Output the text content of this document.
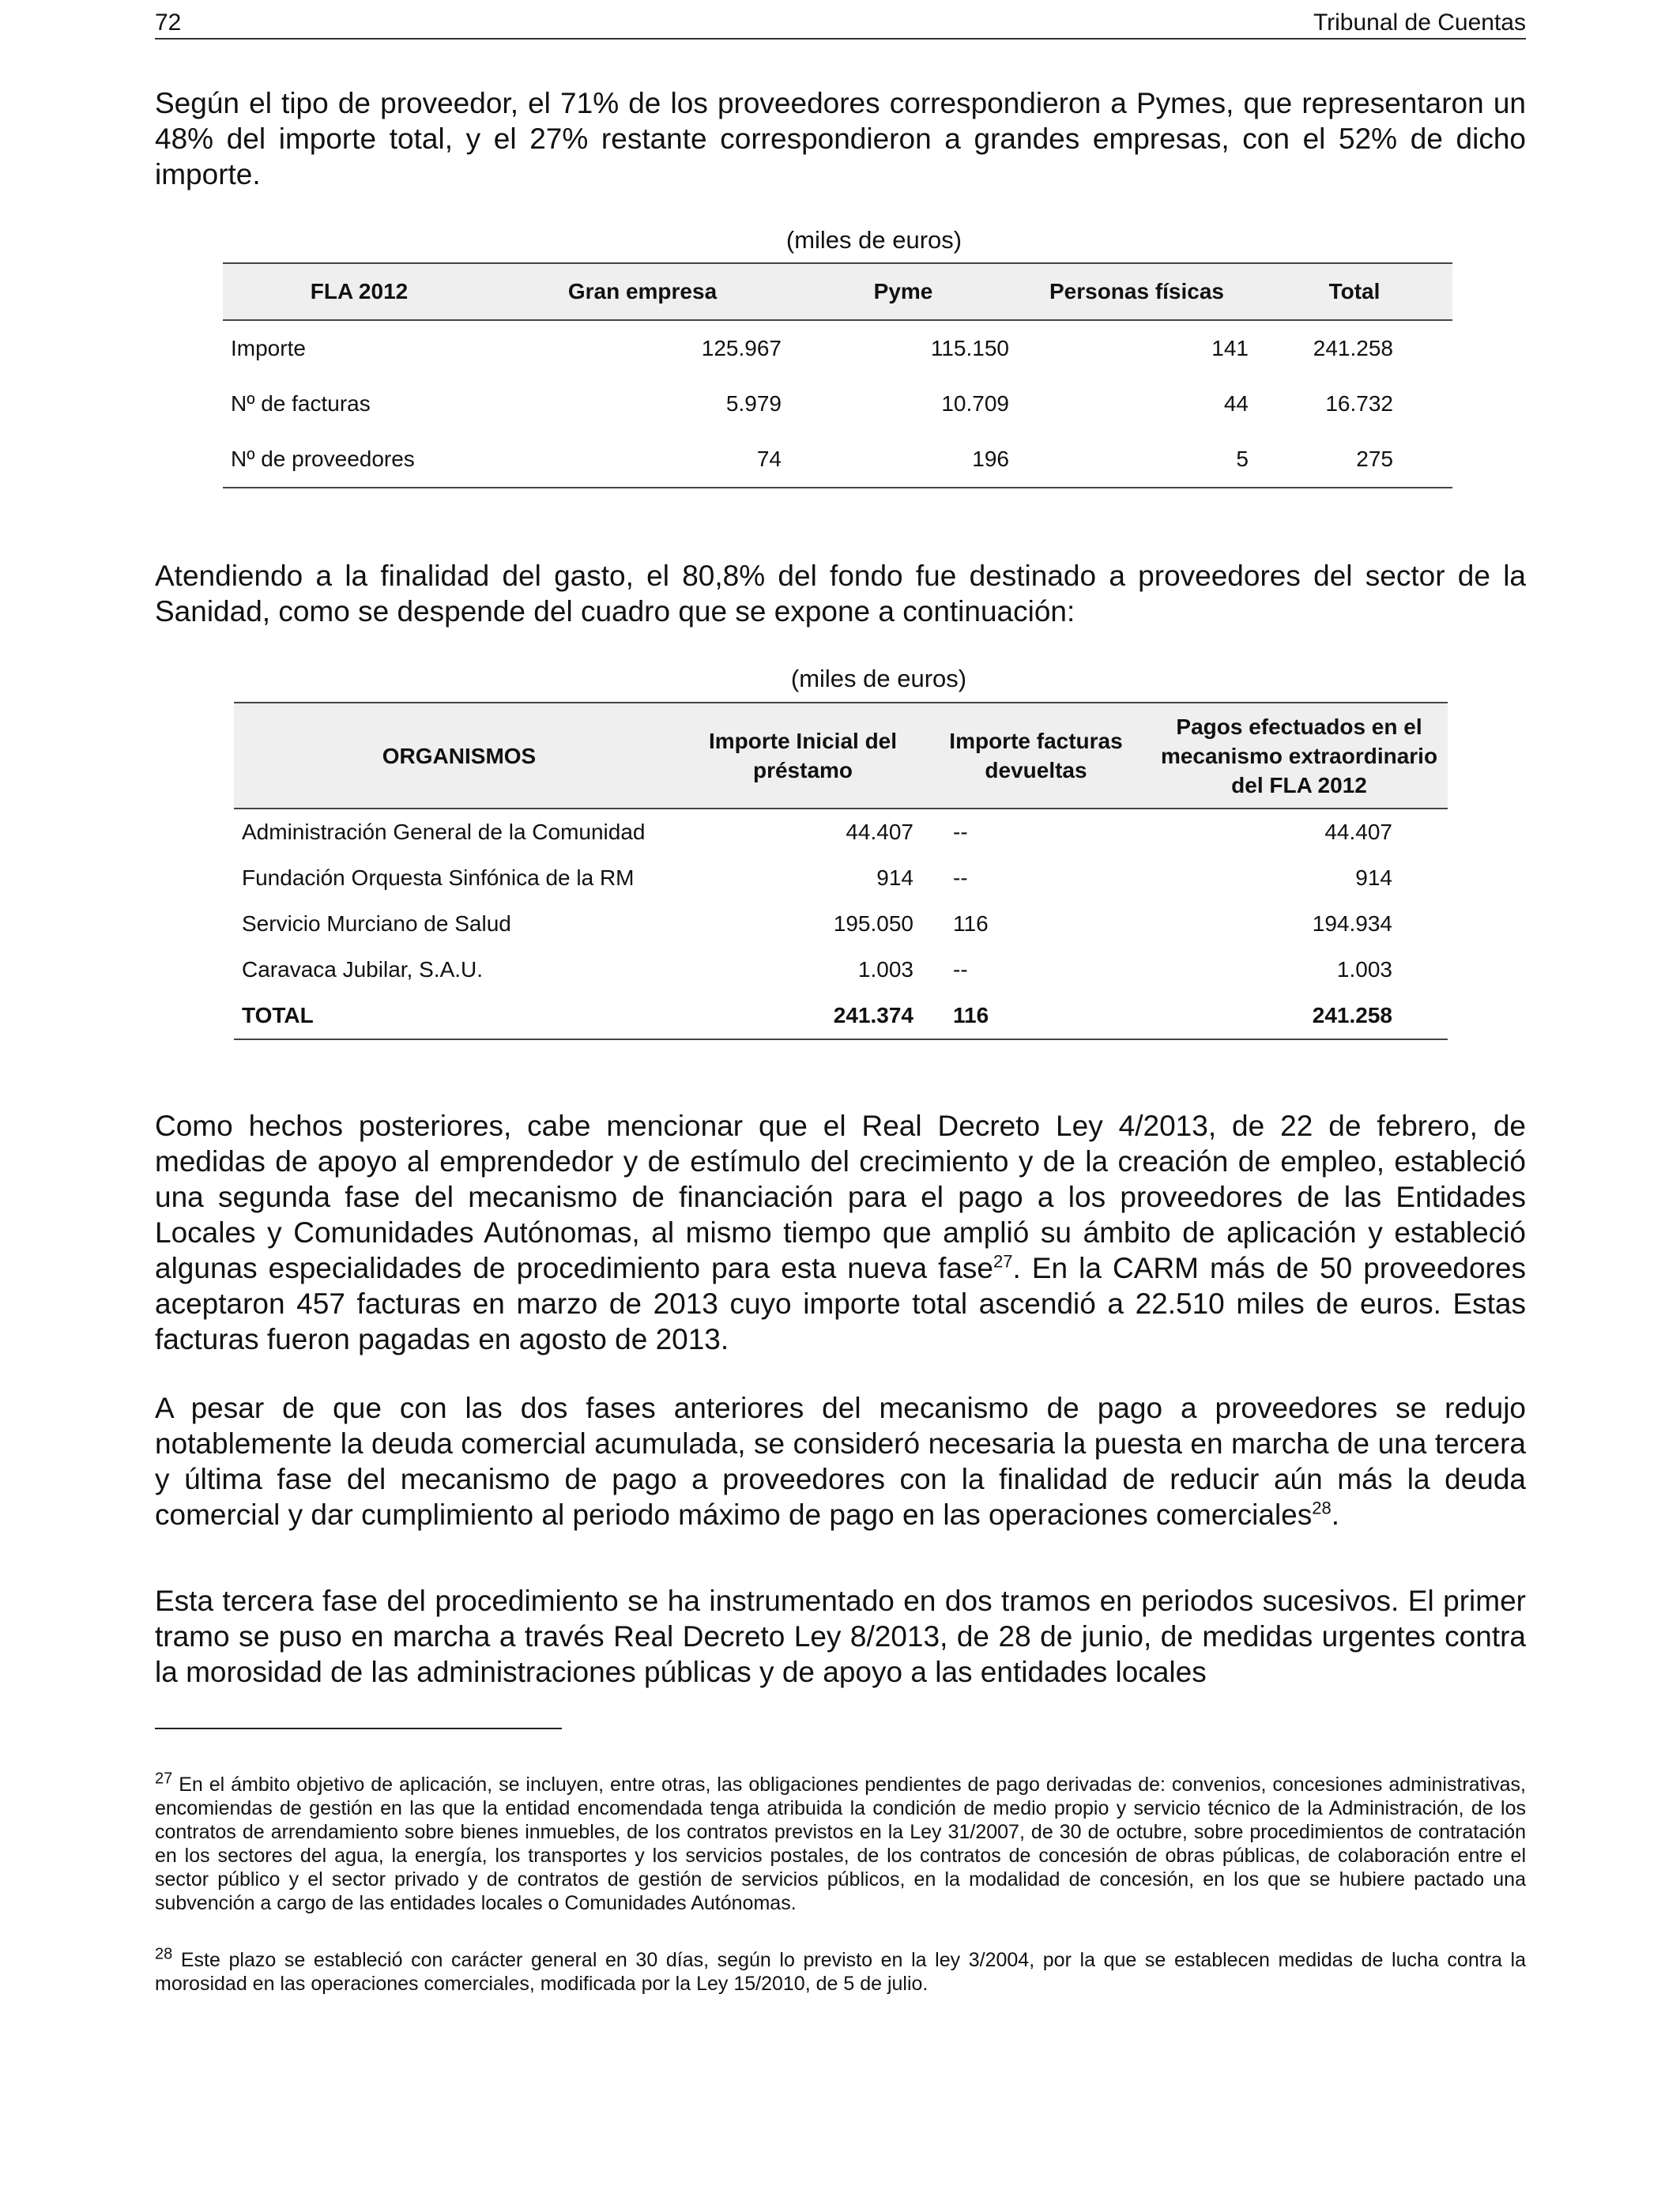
72	Tribunal de Cuentas

Según el tipo de proveedor, el 71% de los proveedores correspondieron a Pymes, que representaron un 48% del importe total, y el 27% restante correspondieron a grandes empresas, con el 52% de dicho importe.

(miles de euros)
FLA 2012	Gran empresa	Pyme	Personas físicas	Total
Importe	125.967	115.150	141	241.258
Nº de facturas	5.979	10.709	44	16.732
Nº de proveedores	74	196	5	275

Atendiendo a la finalidad del gasto, el 80,8% del fondo fue destinado a proveedores del sector de la Sanidad, como se despende del cuadro que se expone a continuación:

(miles de euros)
ORGANISMOS	Importe Inicial del préstamo	Importe facturas devueltas	Pagos efectuados en el mecanismo extraordinario del FLA 2012
Administración General de la Comunidad	44.407	--	44.407
Fundación Orquesta Sinfónica de la RM	914	--	914
Servicio Murciano de Salud	195.050	116	194.934
Caravaca Jubilar, S.A.U.	1.003	--	1.003
TOTAL	241.374	116	241.258

Como hechos posteriores, cabe mencionar que el Real Decreto Ley 4/2013, de 22 de febrero, de medidas de apoyo al emprendedor y de estímulo del crecimiento y de la creación de empleo, estableció una segunda fase del mecanismo de financiación para el pago a los proveedores de las Entidades Locales y Comunidades Autónomas, al mismo tiempo que amplió su ámbito de aplicación y estableció algunas especialidades de procedimiento para esta nueva fase$^{27}$. En la CARM más de 50 proveedores aceptaron 457 facturas en marzo de 2013 cuyo importe total ascendió a 22.510 miles de euros. Estas facturas fueron pagadas en agosto de 2013.

A pesar de que con las dos fases anteriores del mecanismo de pago a proveedores se redujo notablemente la deuda comercial acumulada, se consideró necesaria la puesta en marcha de una tercera y última fase del mecanismo de pago a proveedores con la finalidad de reducir aún más la deuda comercial y dar cumplimiento al periodo máximo de pago en las operaciones comerciales$^{28}$.

Esta tercera fase del procedimiento se ha instrumentado en dos tramos en periodos sucesivos. El primer tramo se puso en marcha a través Real Decreto Ley 8/2013, de 28 de junio, de medidas urgentes contra la morosidad de las administraciones públicas y de apoyo a las entidades locales

$^{27}$ En el ámbito objetivo de aplicación, se incluyen, entre otras, las obligaciones pendientes de pago derivadas de: convenios, concesiones administrativas, encomiendas de gestión en las que la entidad encomendada tenga atribuida la condición de medio propio y servicio técnico de la Administración, de los contratos de arrendamiento sobre bienes inmuebles, de los contratos previstos en la Ley 31/2007, de 30 de octubre, sobre procedimientos de contratación en los sectores del agua, la energía, los transportes y los servicios postales, de los contratos de concesión de obras públicas, de colaboración entre el sector público y el sector privado y de contratos de gestión de servicios públicos, en la modalidad de concesión, en los que se hubiere pactado una subvención a cargo de las entidades locales o Comunidades Autónomas.

$^{28}$ Este plazo se estableció con carácter general en 30 días, según lo previsto en la ley 3/2004, por la que se establecen medidas de lucha contra la morosidad en las operaciones comerciales, modificada por la Ley 15/2010, de 5 de julio.
